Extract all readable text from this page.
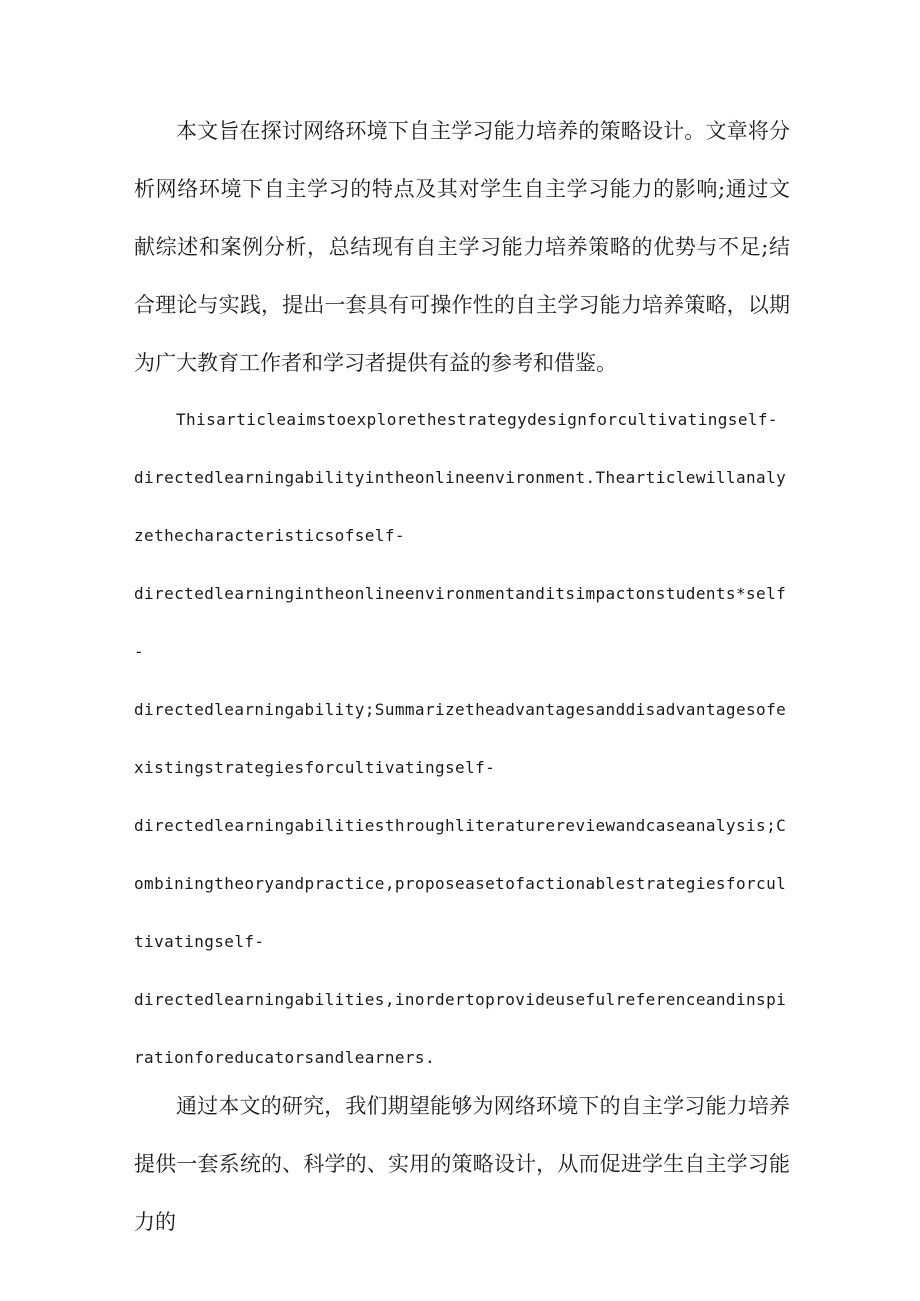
本文旨在探讨网络环境下自主学习能力培养的策略设计。文章将分析网络环境下自主学习的特点及其对学生自主学习能力的影响;通过文献综述和案例分析，总结现有自主学习能力培养策略的优势与不足;结合理论与实践，提出一套具有可操作性的自主学习能力培养策略，以期为广大教育工作者和学习者提供有益的参考和借鉴。

Thisarticleaimstoexplorethestrategydesignforcultivatingself-
directedlearningabilityintheonlineenvironment.Thearticlewillanaly
zethecharacteristicsofself-
directedlearningintheonlineenvironmentanditsimpactonstudents*self
-
directedlearningability;Summarizetheadvantagesanddisadvantagesofe
xistingstrategiesforcultivatingself-
directedlearningabilitiesthroughliteraturereviewandcaseanalysis;C
ombiningtheoryandpractice,proposeasetofactionablestrategiesforcul
tivatingself-
directedlearningabilities,inordertoprovideusefulreferenceandinspi
rationforeducatorsandlearners.

通过本文的研究，我们期望能够为网络环境下的自主学习能力培养提供一套系统的、科学的、实用的策略设计，从而促进学生自主学习能力的
